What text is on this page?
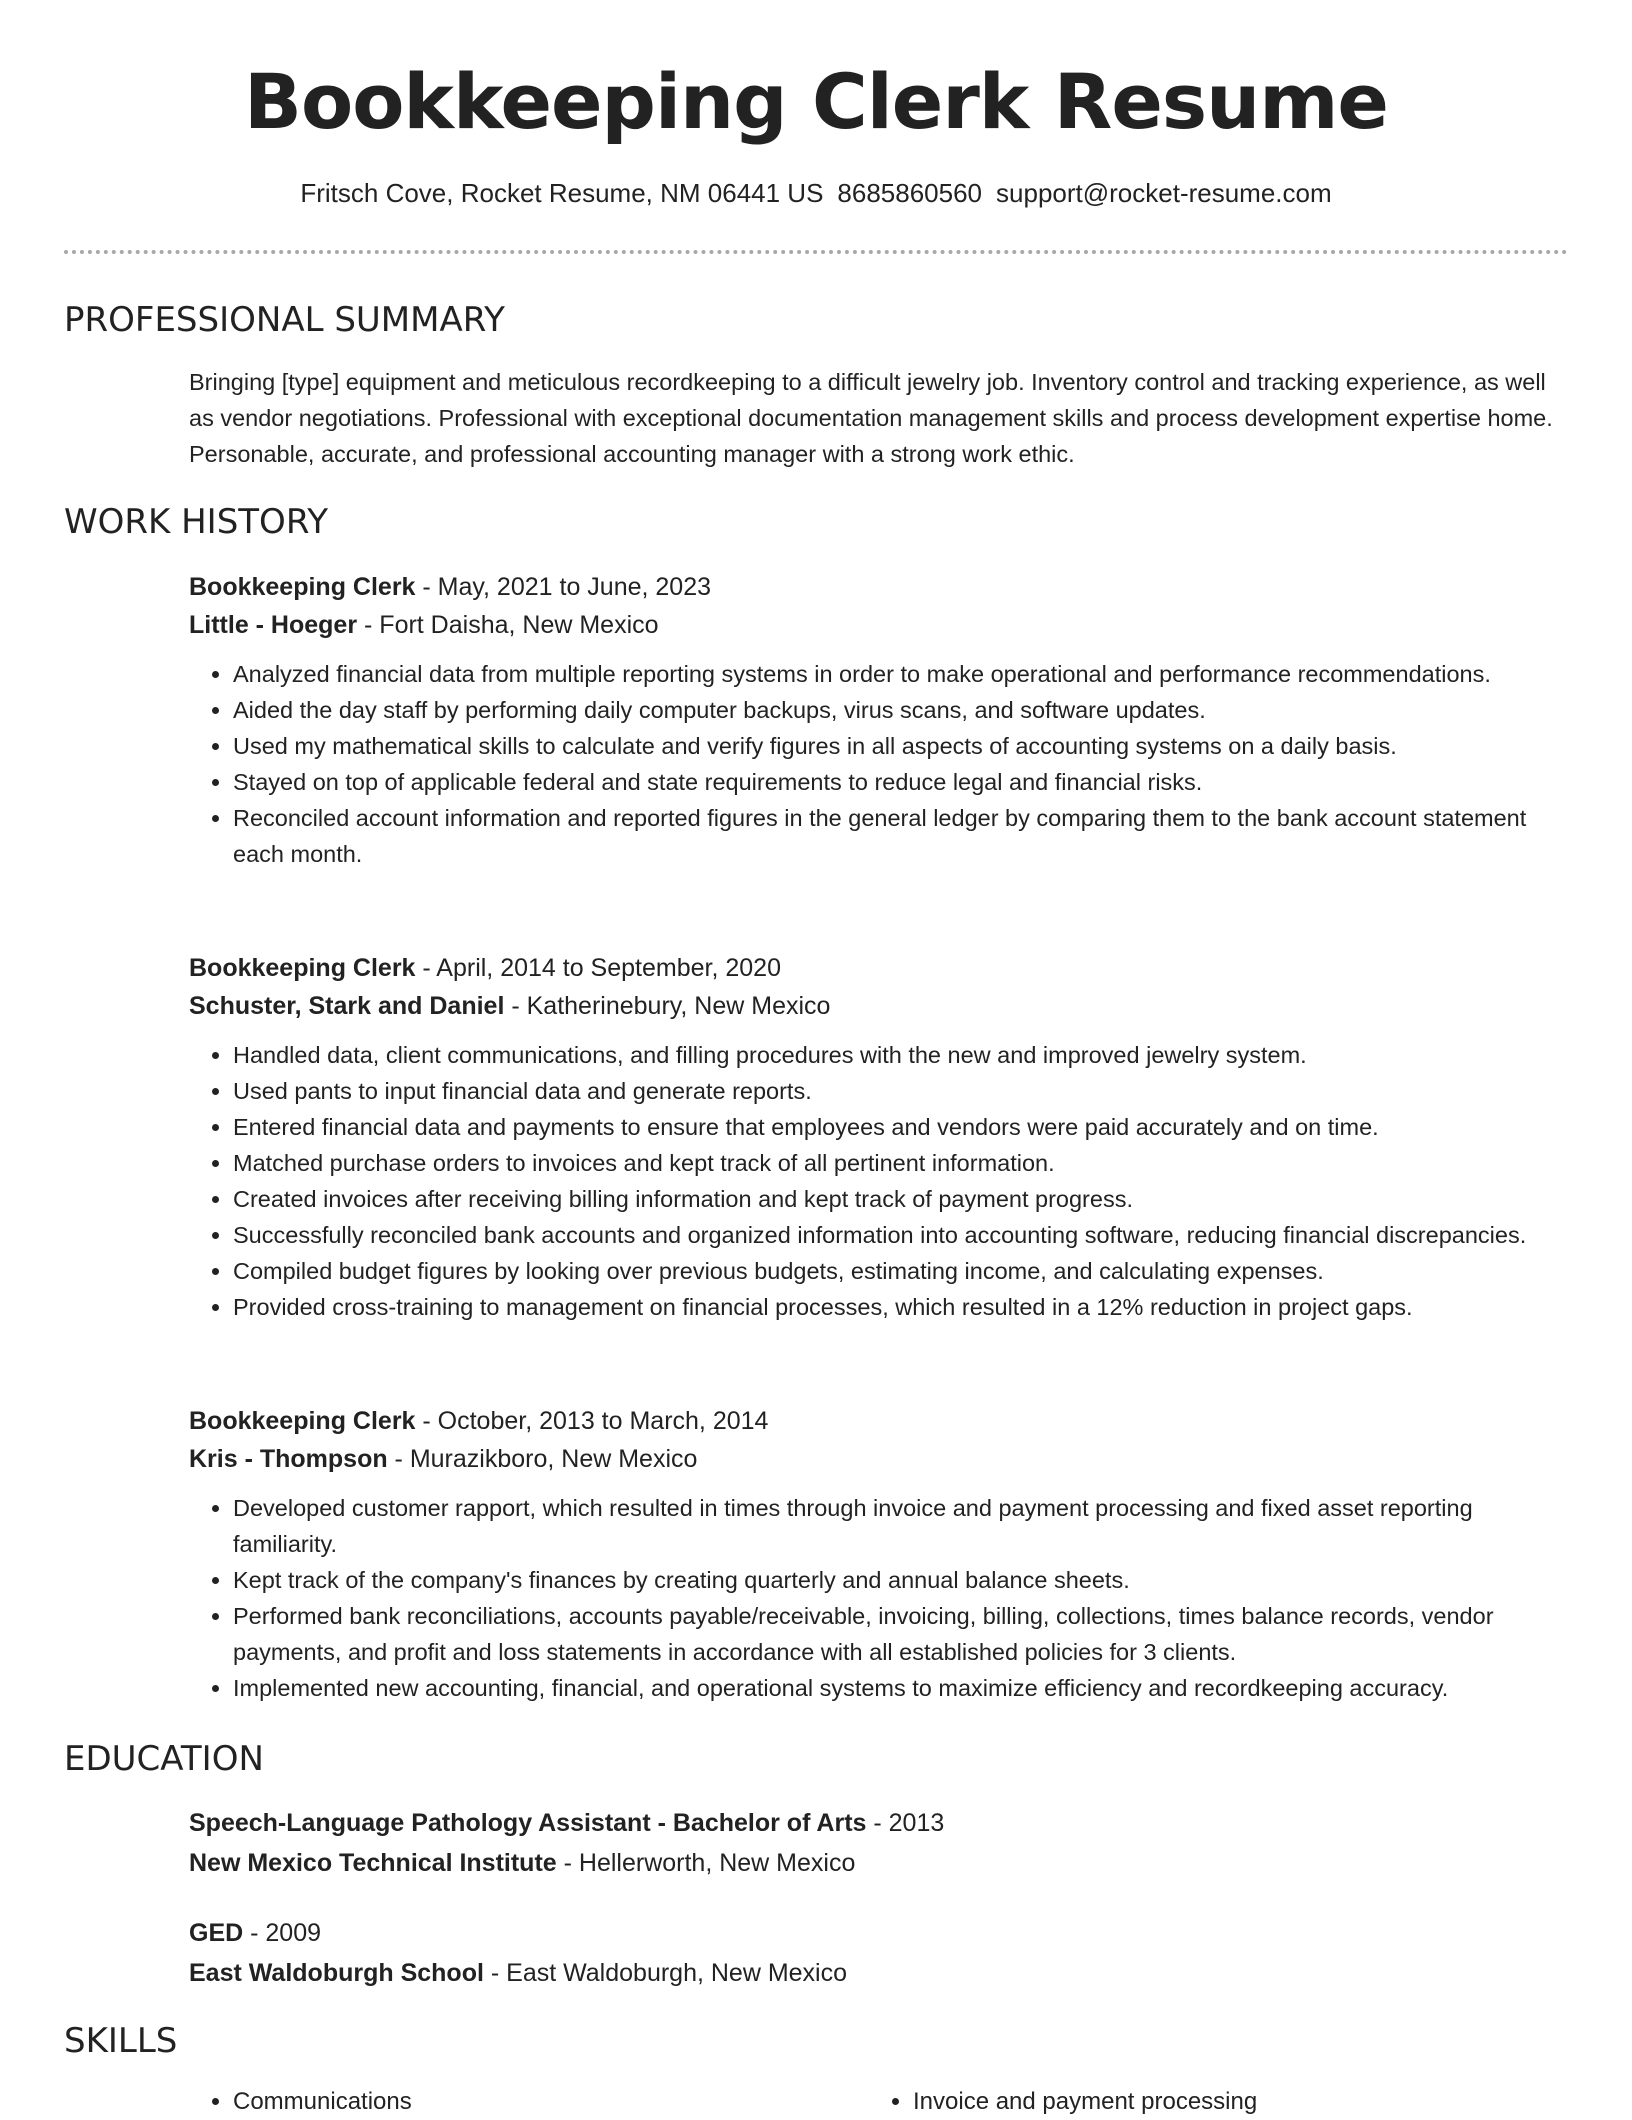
Bookkeeping Clerk Resume
Fritsch Cove, Rocket Resume, NM 06441 US 8685860560 support@rocket-resume.com
PROFESSIONAL SUMMARY
Bringing [type] equipment and meticulous recordkeeping to a difficult jewelry job. Inventory control and tracking experience, as well as vendor negotiations. Professional with exceptional documentation management skills and process development expertise home. Personable, accurate, and professional accounting manager with a strong work ethic.
WORK HISTORY
Bookkeeping Clerk - May, 2021 to June, 2023
Little - Hoeger - Fort Daisha, New Mexico
• Analyzed financial data from multiple reporting systems in order to make operational and performance recommendations.
• Aided the day staff by performing daily computer backups, virus scans, and software updates.
• Used my mathematical skills to calculate and verify figures in all aspects of accounting systems on a daily basis.
• Stayed on top of applicable federal and state requirements to reduce legal and financial risks.
• Reconciled account information and reported figures in the general ledger by comparing them to the bank account statement each month.
Bookkeeping Clerk - April, 2014 to September, 2020
Schuster, Stark and Daniel - Katherinebury, New Mexico
• Handled data, client communications, and filling procedures with the new and improved jewelry system.
• Used pants to input financial data and generate reports.
• Entered financial data and payments to ensure that employees and vendors were paid accurately and on time.
• Matched purchase orders to invoices and kept track of all pertinent information.
• Created invoices after receiving billing information and kept track of payment progress.
• Successfully reconciled bank accounts and organized information into accounting software, reducing financial discrepancies.
• Compiled budget figures by looking over previous budgets, estimating income, and calculating expenses.
• Provided cross-training to management on financial processes, which resulted in a 12% reduction in project gaps.
Bookkeeping Clerk - October, 2013 to March, 2014
Kris - Thompson - Murazikboro, New Mexico
• Developed customer rapport, which resulted in times through invoice and payment processing and fixed asset reporting familiarity.
• Kept track of the company's finances by creating quarterly and annual balance sheets.
• Performed bank reconciliations, accounts payable/receivable, invoicing, billing, collections, times balance records, vendor payments, and profit and loss statements in accordance with all established policies for 3 clients.
• Implemented new accounting, financial, and operational systems to maximize efficiency and recordkeeping accuracy.
EDUCATION
Speech-Language Pathology Assistant - Bachelor of Arts - 2013
New Mexico Technical Institute - Hellerworth, New Mexico
GED - 2009
East Waldoburgh School - East Waldoburgh, New Mexico
SKILLS
• Communications
•	Invoice and payment processing
